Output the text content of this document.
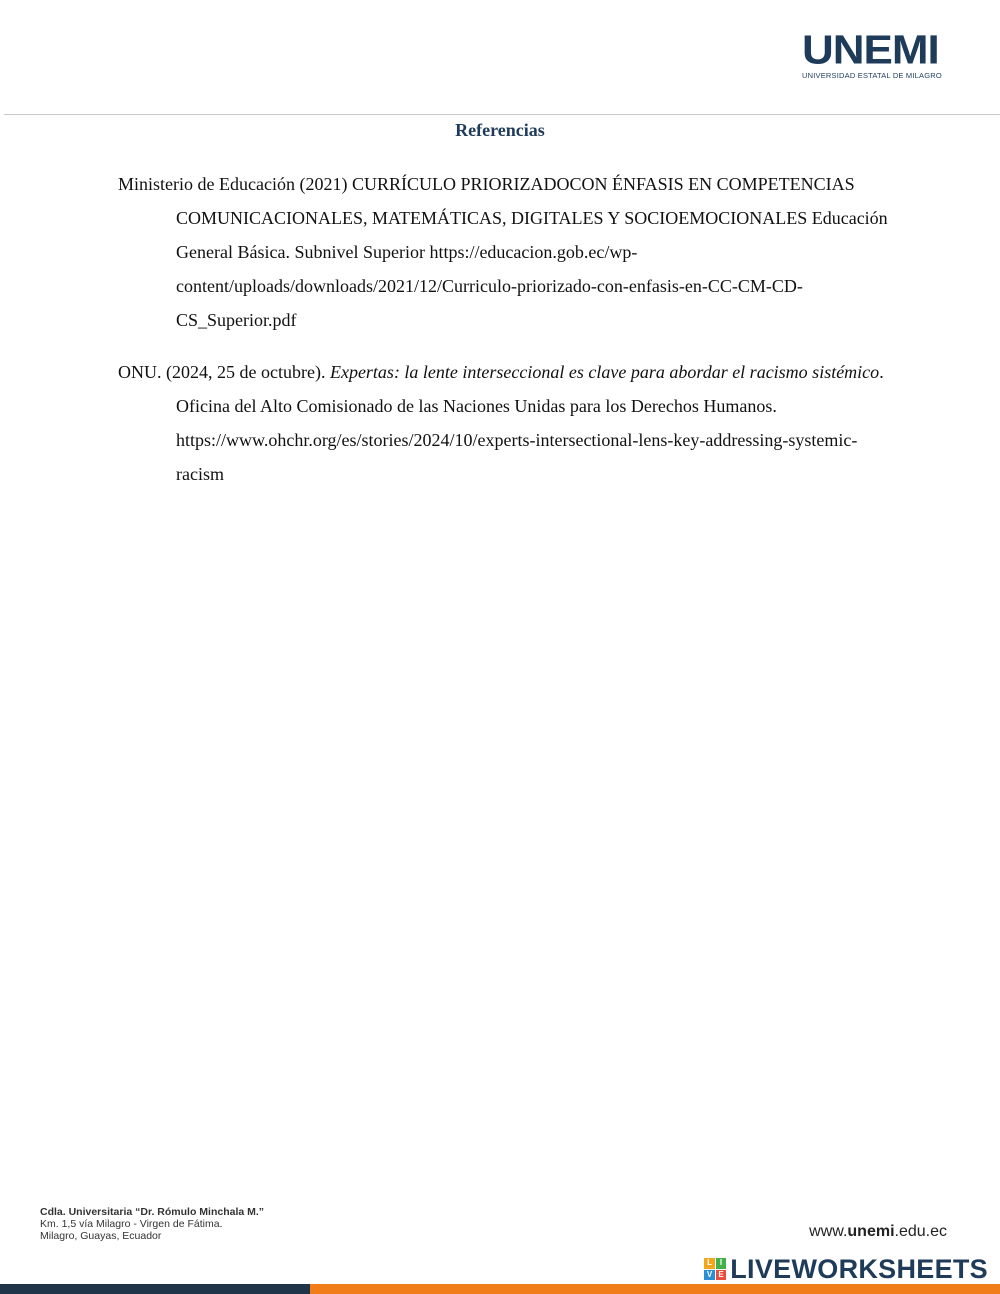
UNEMI
UNIVERSIDAD ESTATAL DE MILAGRO
Referencias

Ministerio de Educación (2021) CURRÍCULO PRIORIZADOCON ÉNFASIS EN COMPETENCIAS COMUNICACIONALES, MATEMÁTICAS, DIGITALES Y SOCIOEMOCIONALES Educación General Básica. Subnivel Superior https://educacion.gob.ec/wp-content/uploads/downloads/2021/12/Curriculo-priorizado-con-enfasis-en-CC-CM-CD-CS_Superior.pdf

ONU. (2024, 25 de octubre). Expertas: la lente interseccional es clave para abordar el racismo sistémico. Oficina del Alto Comisionado de las Naciones Unidas para los Derechos Humanos. https://www.ohchr.org/es/stories/2024/10/experts-intersectional-lens-key-addressing-systemic-racism

Cdla. Universitaria “Dr. Rómulo Minchala M.”
Km. 1,5 vía Milagro - Virgen de Fátima.
Milagro, Guayas, Ecuador	www.unemi.edu.ec
L I
V E LIVEWORKSHEETS
